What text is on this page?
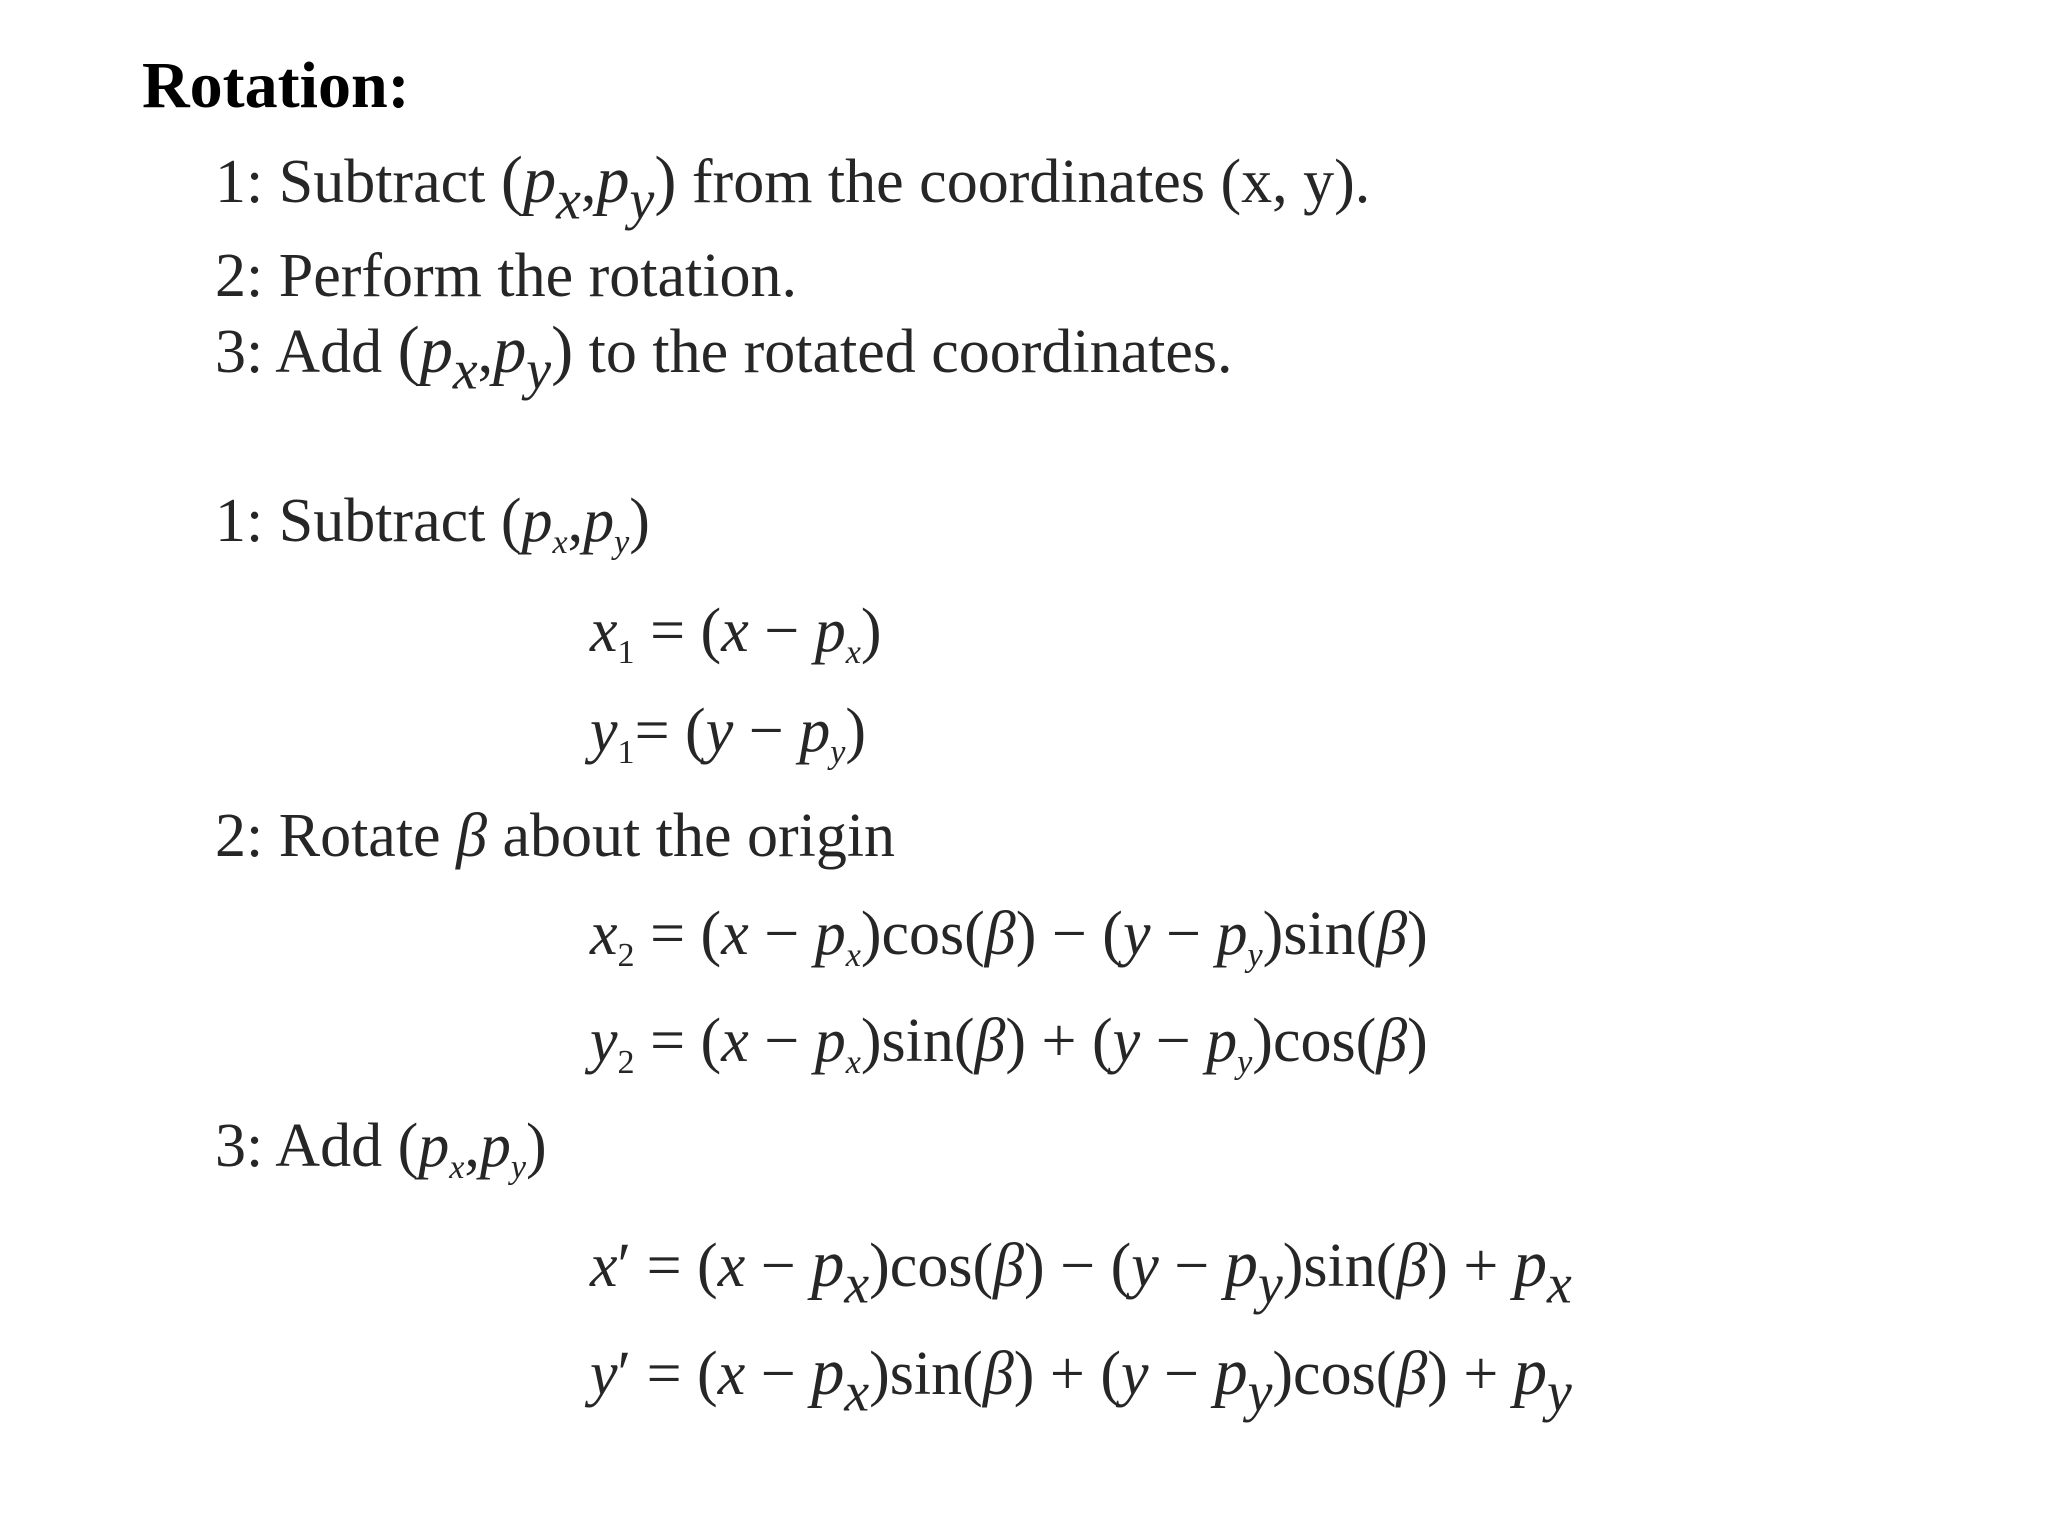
Rotation:
1: Subtract $(p_x,p_y)$ from the coordinates (x, y).
2: Perform the rotation.
3: Add $(p_x,p_y)$ to the rotated coordinates.
1: Subtract $(p_x,p_y)$
$x_1 = (x - p_x)$
$y_1= (y - p_y)$
2: Rotate β about the origin
$x_2 = (x - p_x)\cos(\beta) - (y - p_y)\sin(\beta)$
$y_2 = (x - p_x)\sin(\beta) + (y - p_y)\cos(\beta)$
3: Add $(p_x,p_y)$
$x' = (x - p_x)\cos(\beta) - (y - p_y)\sin(\beta) + p_x$
$y' = (x - p_x)\sin(\beta) + (y - p_y)\cos(\beta) + p_y$
